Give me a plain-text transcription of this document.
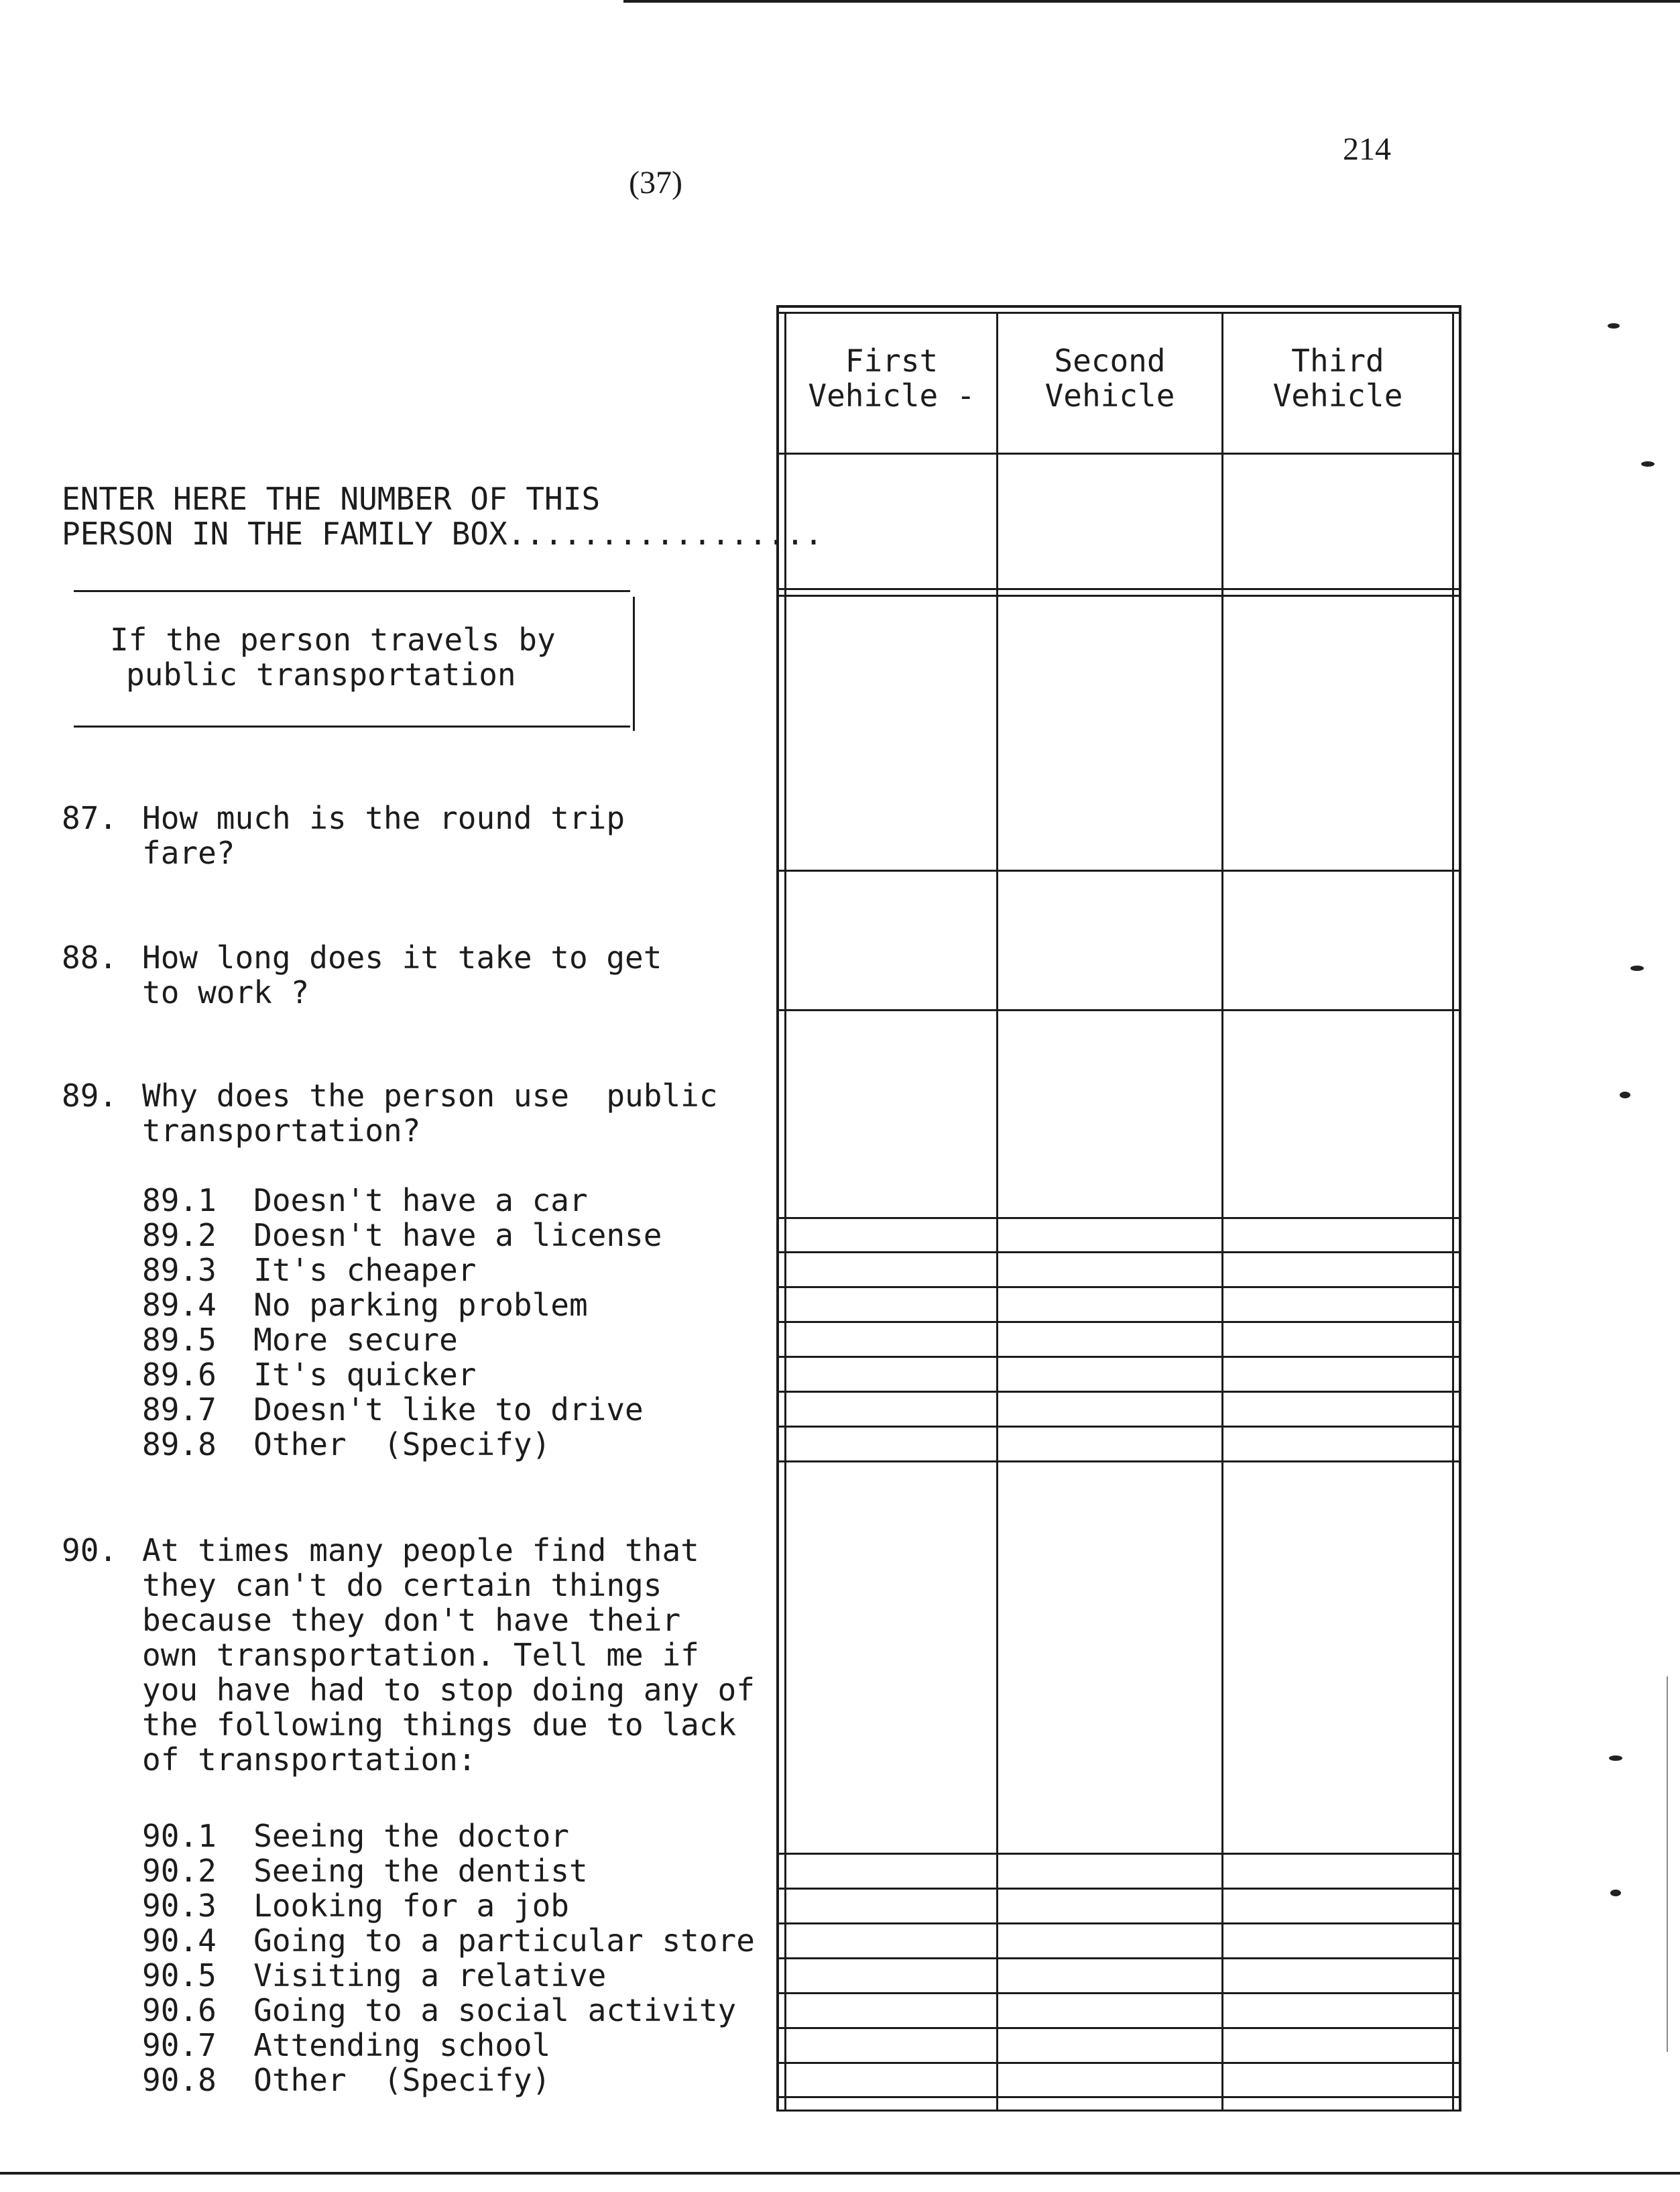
214
(37)
First
Vehicle -
Second
Vehicle
Third
Vehicle
ENTER HERE THE NUMBER OF THIS
PERSON IN THE FAMILY BOX.................
If the person travels by
public transportation
87. How much is the round trip
fare?
88. How long does it take to get
to work ?
89. Why does the person use  public
transportation?
89.1 Doesn't have a car
89.2 Doesn't have a license
89.3 It's cheaper
89.4 No parking problem
89.5 More secure
89.6 It's quicker
89.7 Doesn't like to drive
89.8 Other  (Specify)
90. At times many people find that
they can't do certain things
because they don't have their
own transportation. Tell me if
you have had to stop doing any of
the following things due to lack
of transportation:
90.1 Seeing the doctor
90.2 Seeing the dentist
90.3 Looking for a job
90.4 Going to a particular store
90.5 Visiting a relative
90.6 Going to a social activity
90.7 Attending school
90.8 Other  (Specify)
